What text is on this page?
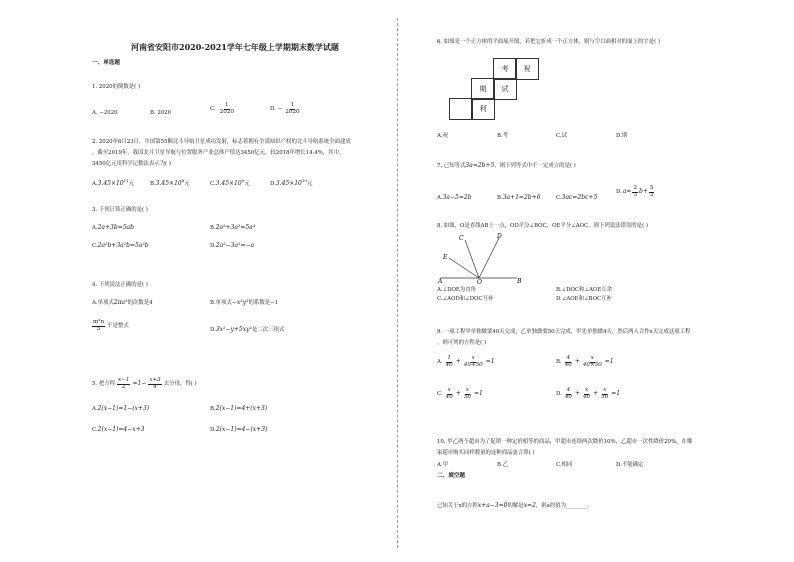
河南省安阳市2020-2021学年七年级上学期期末数学试题
一、单选题
1. 2020的倒数是( )
A. −2020	B. 2020
C. $\frac{1}{2020}$	D. − $\frac{1}{2020}$
2. 2020年6月23日，中国第55颗北斗导航卫星成功发射，标志着拥有全部知识产权的北斗导航系统全面建成
，截至2019年，我国北斗卫星导航与位置服务产业总体产值达3450亿元，较2018年增长14.4%，其中，
3450亿元用科学记数法表示为( )
$A.3.45\times 10^{11}$元	$B.3.45\times 10^8$元	$C.3.45\times 10^9$元	$D.3.45\times 10^{10}$元
3. 下列计算正确的是( )
A.2a+3b=5ab	B.2a²+3a²=5a⁴
C.2a²b+3a²b=5a²b	D.2a²−3a²=−a
4. 下列说法正确的是( )
A.单项式2πa³的次数是4	B.单项式−x²y²的系数是−1
$\frac{\text{m²n}}{5}$ 不是整式
D.3x²−y+5xy²是二次三项式
5. 把方程 $\frac{x-1}{2} =1- \frac{x+3}{4}$ 去分母，得( )
A.2(x−1)=1−(x+3)	B.2(x−1)=4+(x+3)
C.2(x−1)=4−x+3	D.2(x−1)=4−(x+3)
6. 如图是一个正方体的平面展开图，若把它折成一个正方体，则与空白面相对的面上的字是( )
考	祝
期	试
利
A.祝	B.考	C.试	D.期
7. 已知等式3a=2b+5，则下列等式中不一定成立的是( )
A.3a−5=2b	B.3a+1=2b+6	C.3ac=2bc+5
D. $a= \frac{2}{3} b+ \frac{5}{3}$
8. 如图，O是直线AB上一点，OD平分∠BOC，OE平分∠AOC，则下列说法错误的是( )
C	D
E
A	O	B
A.∠DOE为直角	B.∠DOC和∠AOE互余
C.∠AOD和∠DOC互补	D.∠AOE和∠BOC互补
9. 一项工程甲单独做要40天完成，乙单独做要50天完成，甲先单独做4天，然后两人合作x天完成这项工程
，则可列的方程是( )
A. $\frac{1}{40} + \frac{x}{40+50} =1$	B. $\frac{4}{40} + \frac{x}{40\times 50} =1$
C. $\frac{x}{40} + \frac{x}{50} =1$	D. $\frac{4}{40} + \frac{x}{40} + \frac{x}{50} =1$
10. 甲乙两个超市为了促销一种定价相等的商品，甲超市连续两次降价10%，乙超市一次性降价20%，在哪
家超市购买同样数量的这种商品更合算( )
A.甲	B.乙	C.相同	D.不能确定
二、填空题
已知关于x的方程x+a−3=0的解是x=2，则a的值为________.
